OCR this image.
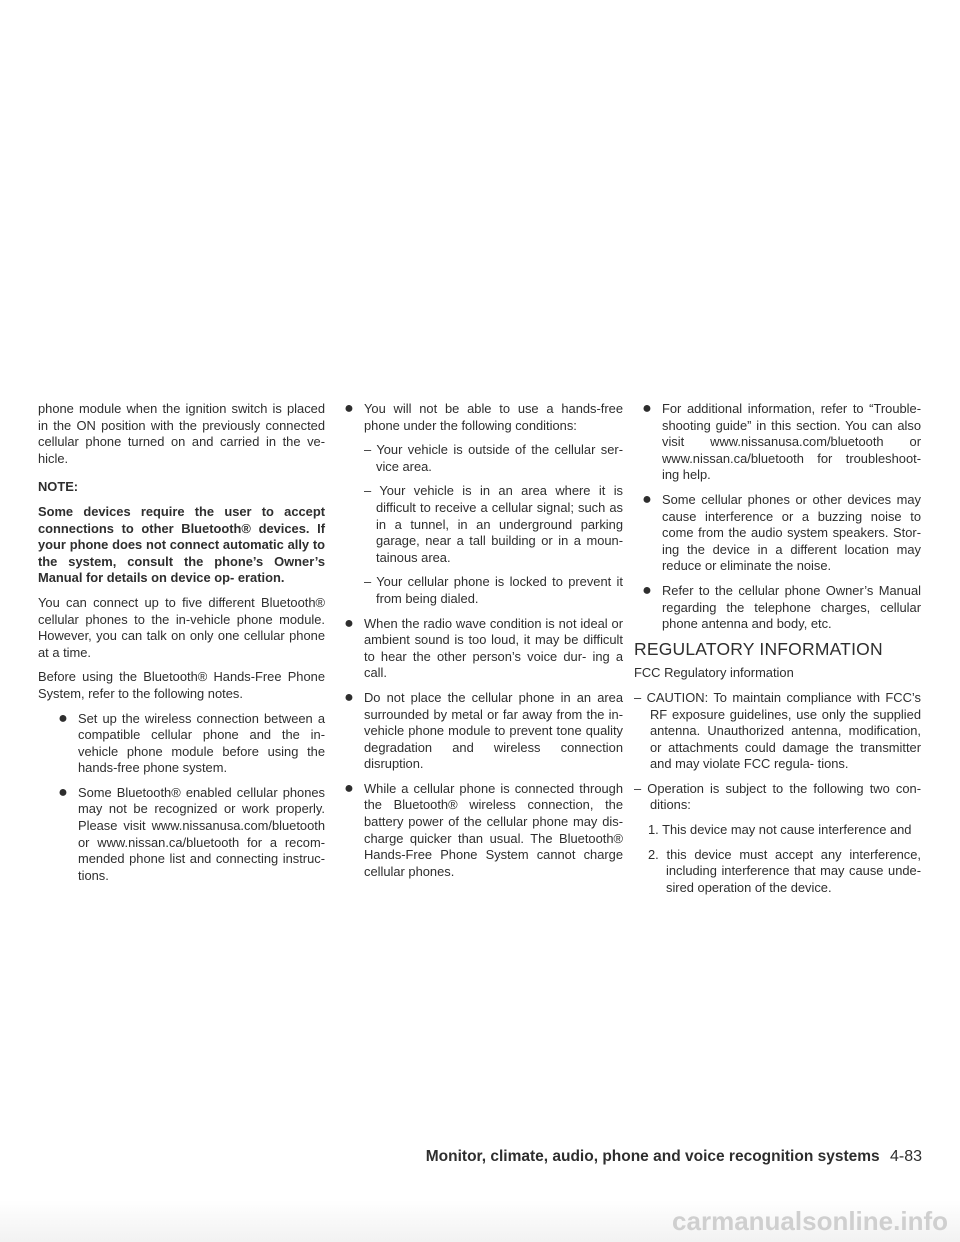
phone module when the ignition switch is placed in the ON position with the previously connected cellular phone turned on and carried in the ve- hicle.

NOTE:

Some devices require the user to accept connections to other Bluetooth® devices. If your phone does not connect automatic ally to the system, consult the phone’s Owner’s Manual for details on device op- eration.

You can connect up to five different Bluetooth® cellular phones to the in-vehicle phone module. However, you can talk on only one cellular phone at a time.

Before using the Bluetooth® Hands-Free Phone System, refer to the following notes.

● Set up the wireless connection between a compatible cellular phone and the in-vehicle phone module before using the hands-free phone system.
● Some Bluetooth® enabled cellular phones may not be recognized or work properly. Please visit www.nissanusa.com/bluetooth or www.nissan.ca/bluetooth for a recom- mended phone list and connecting instruc- tions.
● You will not be able to use a hands-free phone under the following conditions:

– Your vehicle is outside of the cellular ser- vice area.

– Your vehicle is in an area where it is difficult to receive a cellular signal; such as in a tunnel, in an underground parking garage, near a tall building or in a moun- tainous area.

– Your cellular phone is locked to prevent it from being dialed.

● When the radio wave condition is not ideal or ambient sound is too loud, it may be difficult to hear the other person’s voice dur- ing a call.
● Do not place the cellular phone in an area surrounded by metal or far away from the in-vehicle phone module to prevent tone quality degradation and wireless connection disruption.
● While a cellular phone is connected through the Bluetooth® wireless connection, the battery power of the cellular phone may dis- charge quicker than usual. The Bluetooth® Hands-Free Phone System cannot charge cellular phones.
● For additional information, refer to “Trouble- shooting guide” in this section. You can also visit www.nissanusa.com/bluetooth or www.nissan.ca/bluetooth for troubleshoot- ing help.
● Some cellular phones or other devices may cause interference or a buzzing noise to come from the audio system speakers. Stor- ing the device in a different location may reduce or eliminate the noise.
● Refer to the cellular phone Owner’s Manual regarding the telephone charges, cellular phone antenna and body, etc.
REGULATORY INFORMATION

FCC Regulatory information

– CAUTION: To maintain compliance with FCC’s RF exposure guidelines, use only the supplied antenna. Unauthorized antenna, modification, or attachments could damage the transmitter and may violate FCC regula- tions.

– Operation is subject to the following two con- ditions:

1. This device may not cause interference and

2. this device must accept any interference, including interference that may cause unde- sired operation of the device.

Monitor, climate, audio, phone and voice recognition systems 4-83
carmanualsonline.info
